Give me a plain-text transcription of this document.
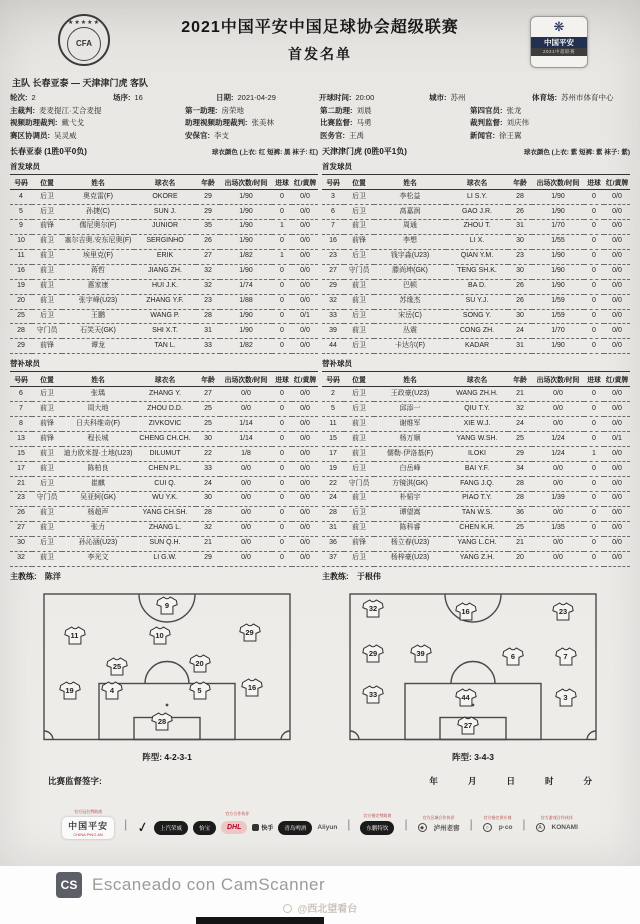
★★★★★
CFA
2021中国平安中国足球协会超级联赛
首发名单
❋
中国平安
2021中超联赛
主队 长春亚泰 — 天津津门虎 客队
轮次: 2	场序: 16	日期: 2021-04-29	开球时间: 20:00	城市: 苏州	体育场: 苏州市体育中心
主裁判: 麦麦提江·艾合麦提	第一助理: 房荣地	第二助理: 刘晨	第四官员: 张龙
视频助理裁判: 戴弋戈	助理视频助理裁判: 张美林	比赛监督: 马勇	裁判监督: 刘庆伟
赛区协调员: 吴灵威	安保官: 李支	医务官: 王禹	新闻官: 徐王翼
长春亚泰 (1胜0平0负)	球衣颜色 (上衣: 红 短裤: 黑 袜子: 红)
首发球员
号码	位置	姓名	球衣名	年龄	出场次数/时间	进球	红/黄牌
4	后卫	奥克雷(F)	OKORE	29	1/90	0	0/0
5	后卫	孙捷(C)	SUN J.	29	1/90	0	0/0
9	前锋	儒尼奥尔(F)	JUNIOR	35	1/90	1	0/0
10	前卫	塞尔吉奥.安东尼奥(F)	SERGINHO	26	1/90	0	0/0
11	前卫	埃里克(F)	ERIK	27	1/82	1	0/0
16	前卫	蒋哲	JIANG ZH.	32	1/90	0	0/0
19	前卫	惠家康	HUI J.K.	32	1/74	0	0/0
20	前卫	张宇峰(U23)	ZHANG Y.F.	23	1/88	0	0/0
25	后卫	王鹏	WANG P.	28	1/90	0	0/1
28	守门员	石笑天(GK)	SHI X.T.	31	1/90	0	0/0
29	前锋	谭龙	TAN L.	33	1/82	0	0/0
替补球员
号码	位置	姓名	球衣名	年龄	出场次数/时间	进球	红/黄牌
6	后卫	张瑀	ZHANG Y.	27	0/0	0	0/0
7	前卫	周大地	ZHOU D.D.	25	0/0	0	0/0
8	前锋	日夫科维奇(F)	ZIVKOVIC	25	1/14	0	0/0
13	前锋	程长城	CHENG CH.CH.	30	1/14	0	0/0
15	前卫	迪力欧米提·土地(U23)	DILUMUT	22	1/8	0	0/0
17	前卫	陈柏良	CHEN P.L.	33	0/0	0	0/0
21	后卫	崔麒	CUI Q.	24	0/0	0	0/0
23	守门员	吴亚轲(GK)	WU Y.K.	30	0/0	0	0/0
26	前卫	杨超声	YANG CH.SH.	28	0/0	0	0/0
27	前卫	张力	ZHANG L.	32	0/0	0	0/0
30	后卫	孙沁涵(U23)	SUN Q.H.	21	0/0	0	0/0
32	前卫	李光文	LI G.W.	29	0/0	0	0/0
主教练: 陈洋
天津津门虎 (0胜0平1负)	球衣颜色 (上衣: 紫 短裤: 紫 袜子: 紫)
首发球员
号码	位置	姓名	球衣名	年龄	出场次数/时间	进球	红/黄牌
3	后卫	李松益	LI S.Y.	28	1/90	0	0/0
6	后卫	高嘉润	GAO J.R.	26	1/90	0	0/0
7	前卫	周通	ZHOU T.	31	1/70	0	0/0
16	前锋	李想	LI X.	30	1/55	0	0/0
23	后卫	钱宇淼(U23)	QIAN Y.M.	23	1/90	0	0/0
27	守门员	滕尚坤(GK)	TENG SH.K.	30	1/90	0	0/0
29	前卫	巴顿	BA D.	26	1/90	0	0/0
32	前卫	苏缘杰	SU Y.J.	26	1/59	0	0/0
33	后卫	宋岳(C)	SONG Y.	30	1/59	0	0/0
39	前卫	丛震	CONG ZH.	24	1/70	0	0/0
44	后卫	卡达尔(F)	KADAR	31	1/90	0	0/0
替补球员
号码	位置	姓名	球衣名	年龄	出场次数/时间	进球	红/黄牌
2	后卫	王政豪(U23)	WANG ZH.H.	21	0/0	0	0/0
5	后卫	邱添一	QIU T.Y.	32	0/0	0	0/0
11	前卫	谢维军	XIE W.J.	24	0/0	0	0/0
15	前卫	杨万顺	YANG W.SH.	25	1/24	0	0/1
17	前卫	儒勒·伊洛基(F)	ILOKI	29	1/24	1	0/0
19	后卫	白岳峰	BAI Y.F.	34	0/0	0	0/0
22	守门员	方镜淇(GK)	FANG J.Q.	28	0/0	0	0/0
24	前卫	朴韬宇	PIAO T.Y.	28	1/39	0	0/0
28	后卫	谭望嵩	TAN W.S.	36	0/0	0	0/0
31	前卫	陈科睿	CHEN K.R.	25	1/35	0	0/0
36	前锋	杨立春(U23)	YANG L.CH.	21	0/0	0	0/0
37	后卫	杨梓豪(U23)	YANG Z.H.	20	0/0	0	0/0
主教练: 于根伟
9
11	10	29
25	20
19	4	5	16
28
阵型: 4-2-3-1
32	16	23
29	39	6	7
33	44	3
27
阵型: 3-4-3
比赛监督签字:	年	月	日	时	分
官方冠名赞助商
中国平安
CHINA PING AN
|
官方合作伙伴
✓	上汽荣威	怡宝	DHL	快手	青岛啤酒	Aliyun |
官方指定赞助商
东鹏特饮	|	官方区域合作伙伴
◆	泸州老窖 |	官方指定供应商
○	p·co |	官方游戏合作伙伴
A	KONAMI
CS Escaneado con CamScanner
@西北望看台
